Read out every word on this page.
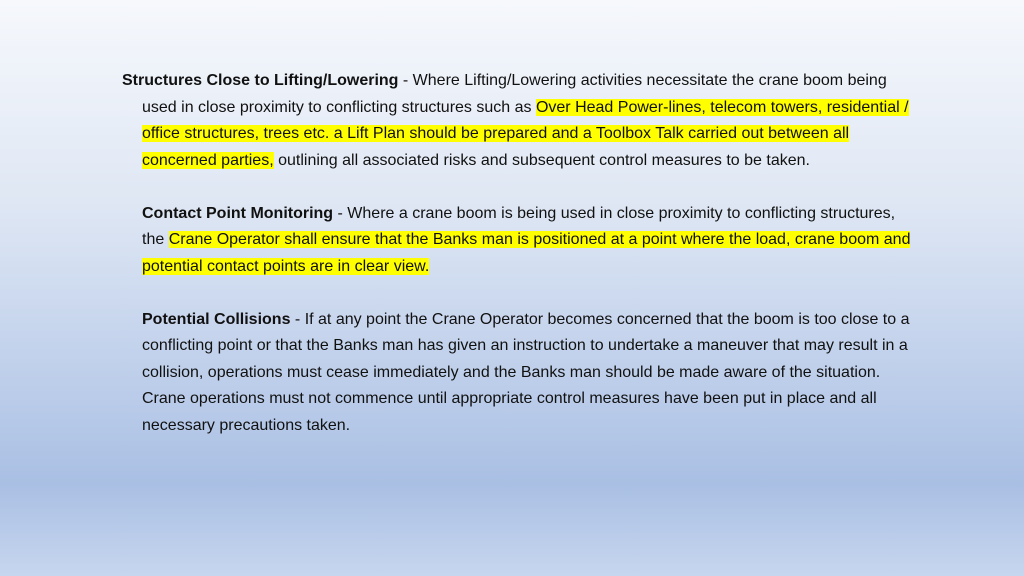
Structures Close to Lifting/Lowering - Where Lifting/Lowering activities necessitate the crane boom being used in close proximity to conflicting structures such as Over Head Power-lines, telecom towers, residential / office structures, trees etc. a Lift Plan should be prepared and a Toolbox Talk carried out between all concerned parties, outlining all associated risks and subsequent control measures to be taken.

Contact Point Monitoring - Where a crane boom is being used in close proximity to conflicting structures, the Crane Operator shall ensure that the Banks man is positioned at a point where the load, crane boom and potential contact points are in clear view.

Potential Collisions - If at any point the Crane Operator becomes concerned that the boom is too close to a conflicting point or that the Banks man has given an instruction to undertake a maneuver that may result in a collision, operations must cease immediately and the Banks man should be made aware of the situation. Crane operations must not commence until appropriate control measures have been put in place and all necessary precautions taken.
